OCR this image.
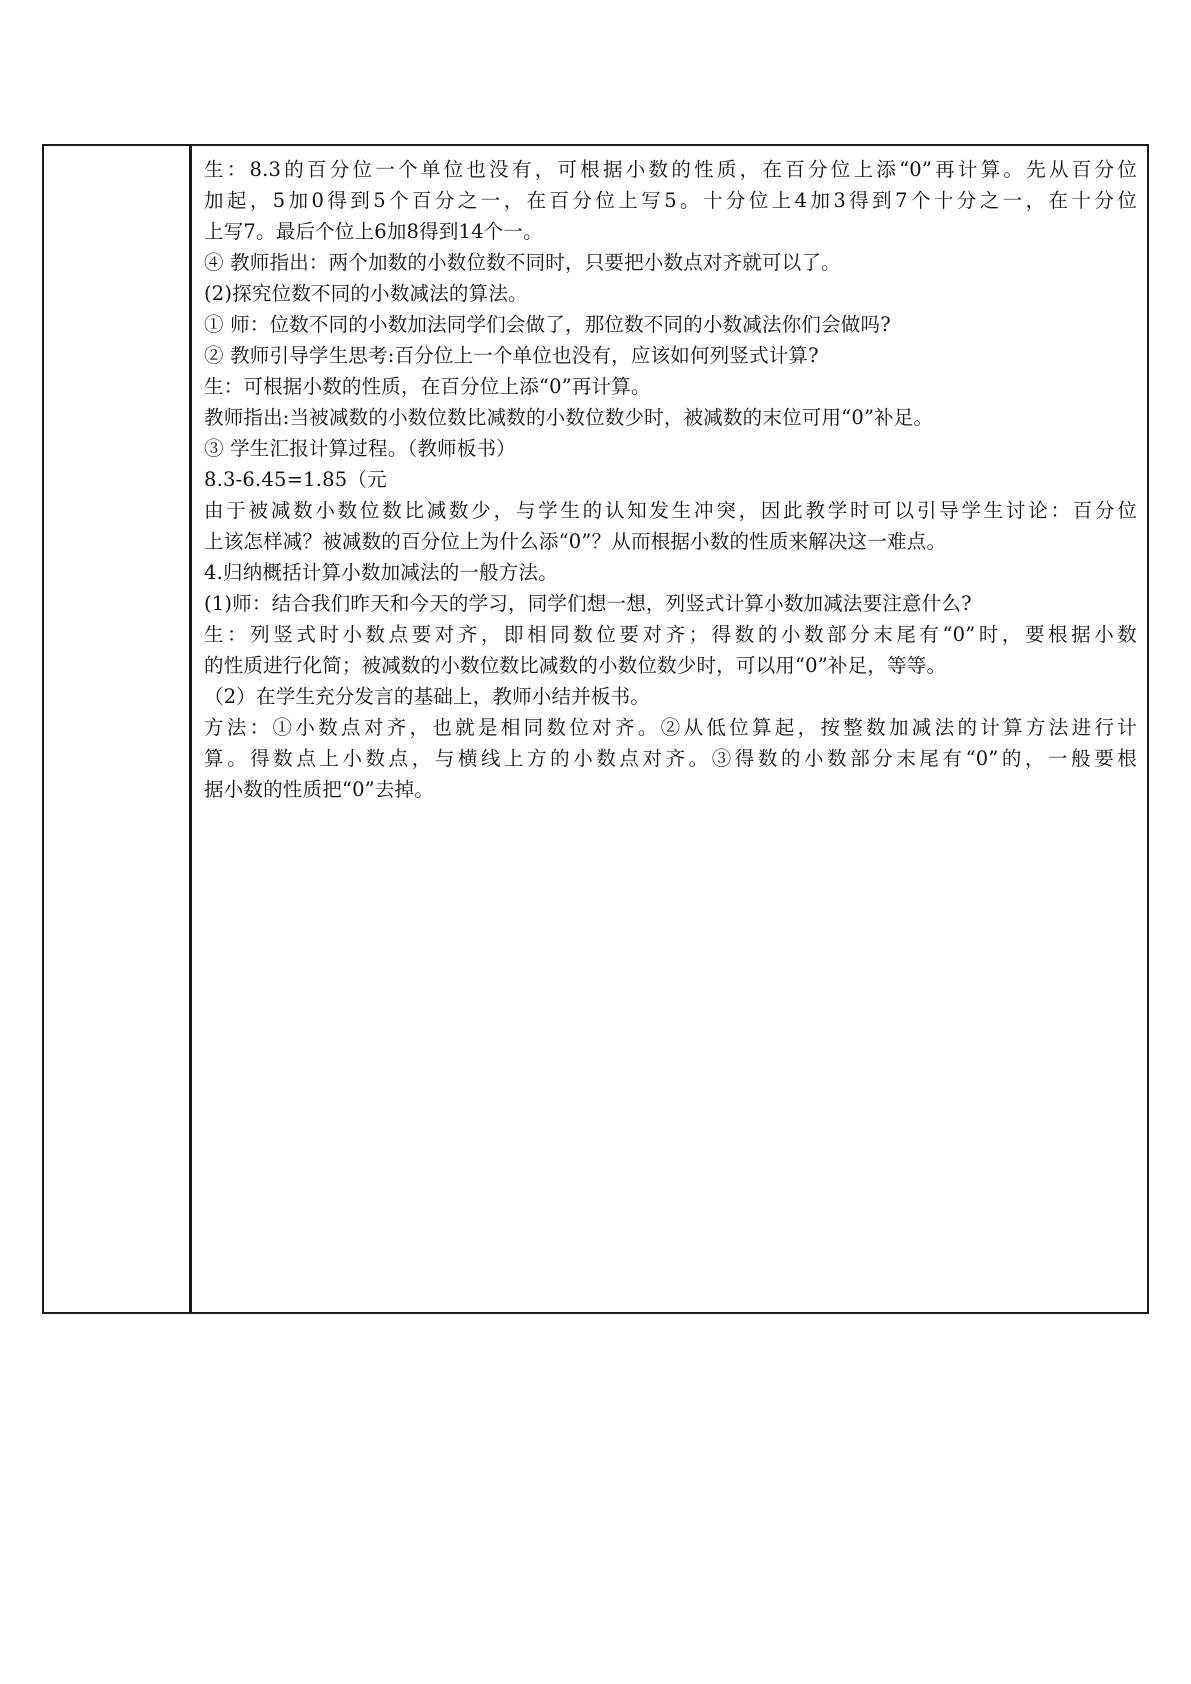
生：8.3的百分位一个单位也没有，可根据小数的性质，在百分位上添“0”再计算。先从百分位
加起，5加0得到5个百分之一，在百分位上写5。十分位上4加3得到7个十分之一，在十分位
上写7。最后个位上6加8得到14个一。
④ 教师指出：两个加数的小数位数不同时，只要把小数点对齐就可以了。
(2)探究位数不同的小数减法的算法。
① 师：位数不同的小数加法同学们会做了，那位数不同的小数减法你们会做吗?
② 教师引导学生思考:百分位上一个单位也没有，应该如何列竖式计算?
生：可根据小数的性质，在百分位上添“0”再计算。
教师指出:当被减数的小数位数比减数的小数位数少时，被减数的末位可用“0”补足。
③ 学生汇报计算过程。（教师板书）
8.3-6.45=1.85（元
由于被减数小数位数比减数少，与学生的认知发生冲突，因此教学时可以引导学生讨论：百分位
上该怎样减？被减数的百分位上为什么添“0”？从而根据小数的性质来解决这一难点。
4.归纳概括计算小数加减法的一般方法。
(1)师：结合我们昨天和今天的学习，同学们想一想，列竖式计算小数加减法要注意什么?
生：列竖式时小数点要对齐，即相同数位要对齐；得数的小数部分末尾有“0”时，要根据小数
的性质进行化简；被减数的小数位数比减数的小数位数少时，可以用“0”补足，等等。
（2）在学生充分发言的基础上，教师小结并板书。
方法：①小数点对齐，也就是相同数位对齐。②从低位算起，按整数加减法的计算方法进行计
算。得数点上小数点，与横线上方的小数点对齐。③得数的小数部分末尾有“0”的，一般要根
据小数的性质把“0”去掉。
